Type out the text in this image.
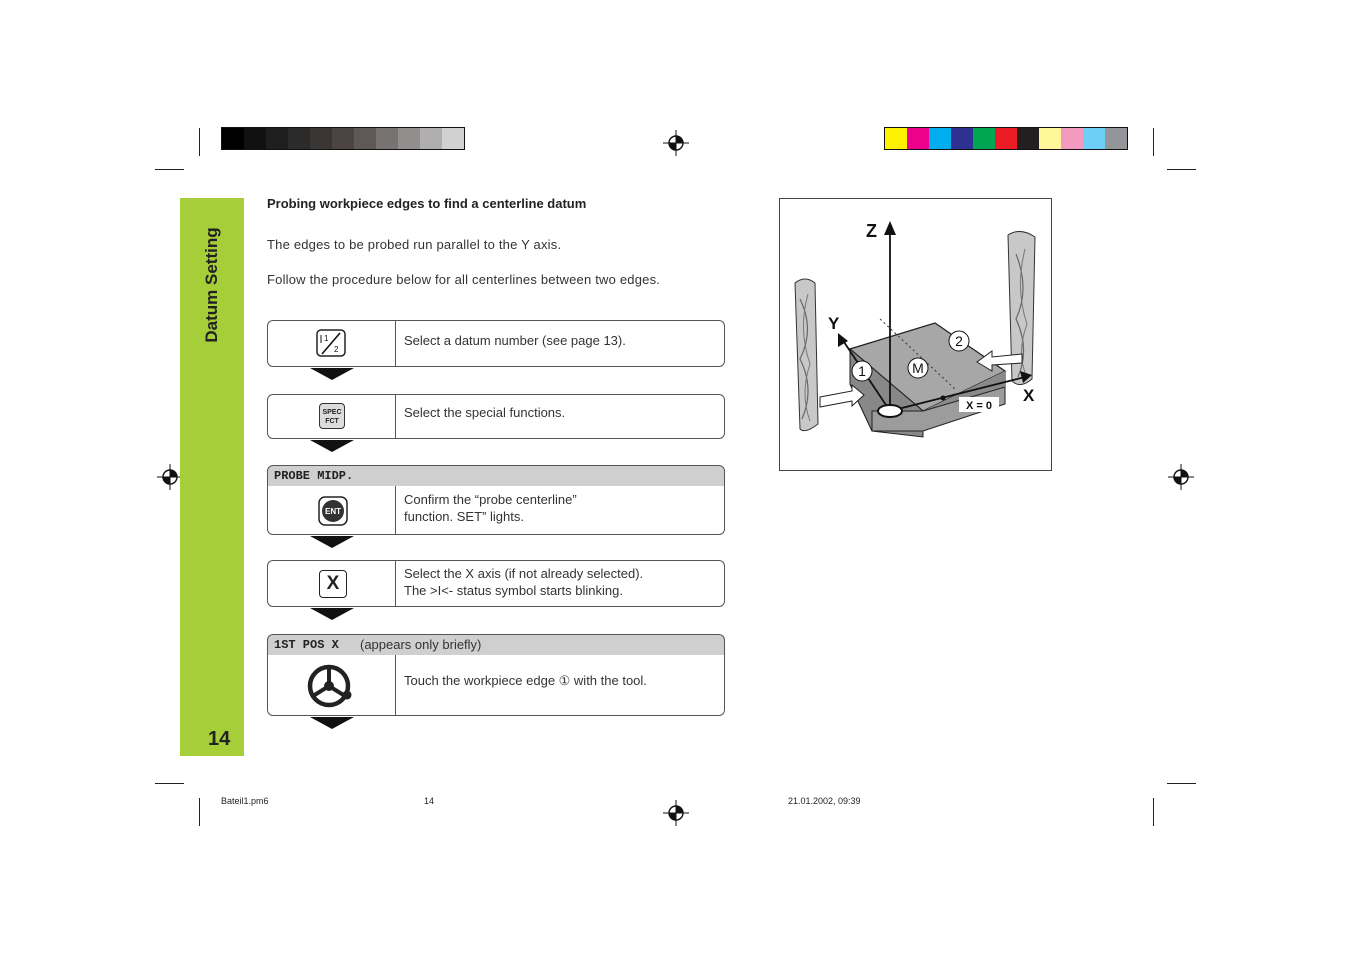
Datum Setting
14
Probing workpiece edges to find a centerline datum
The edges to be probed run parallel to the Y axis.
Follow the procedure below for all centerlines between two edges.
1
2
Select a datum number (see page 13).
SPEC
FCT
Select the special functions.
PROBE MIDP.
ENT
Confirm the “probe centerline”
function. SET” lights.
X	Select the X axis (if not already selected).
The >I<- status symbol starts blinking.
1ST POS X (appears only briefly)
Touch the workpiece edge ① with the tool.
Z
Y
X
1
2
M
X = 0
Bateil1.pm6	14	21.01.2002, 09:39
